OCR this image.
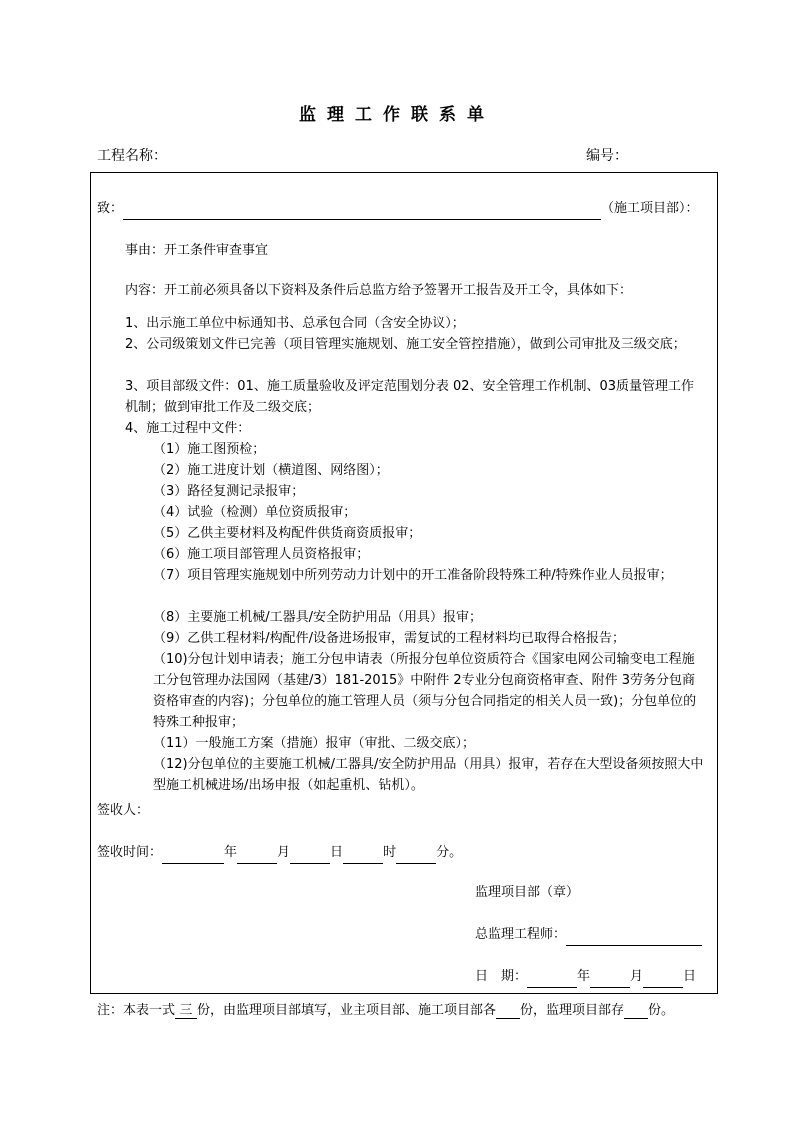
监理工作联系单
工程名称：	编号：
致：	（施工项目部）：
事由：开工条件审查事宜
内容：开工前必须具备以下资料及条件后总监方给予签署开工报告及开工令，具体如下：
1、出示施工单位中标通知书、总承包合同（含安全协议）；
2、公司级策划文件已完善（项目管理实施规划、施工安全管控措施），做到公司审批及三级交底；
3、项目部级文件：01、施工质量验收及评定范围划分表 02、安全管理工作机制、03质量管理工作机制；做到审批工作及二级交底；
4、施工过程中文件：
（1）施工图预检；
（2）施工进度计划（横道图、网络图）；
（3）路径复测记录报审；
（4）试验（检测）单位资质报审；
（5）乙供主要材料及构配件供货商资质报审；
（6）施工项目部管理人员资格报审；
（7）项目管理实施规划中所列劳动力计划中的开工准备阶段特殊工种/特殊作业人员报审；
（8）主要施工机械/工器具/安全防护用品（用具）报审；
（9）乙供工程材料/构配件/设备进场报审，需复试的工程材料均已取得合格报告；
（10)分包计划申请表；施工分包申请表（所报分包单位资质符合《国家电网公司输变电工程施工分包管理办法国网（基建/3）181-2015》中附件 2专业分包商资格审查、附件 3劳务分包商资格审查的内容)；分包单位的施工管理人员（须与分包合同指定的相关人员一致)；分包单位的特殊工种报审；
（11）一般施工方案（措施）报审（审批、二级交底）；
（12)分包单位的主要施工机械/工器具/安全防护用品（用具）报审，若存在大型设备须按照大中型施工机械进场/出场申报（如起重机、钻机）。
签收人：
签收时间：	年	月	日	时	分。
监理项目部（章）
总监理工程师：
日　期：	年	月	日
注：本表一式 三 份，由监理项目部填写，业主项目部、施工项目部各 份，监理项目部存 份。
